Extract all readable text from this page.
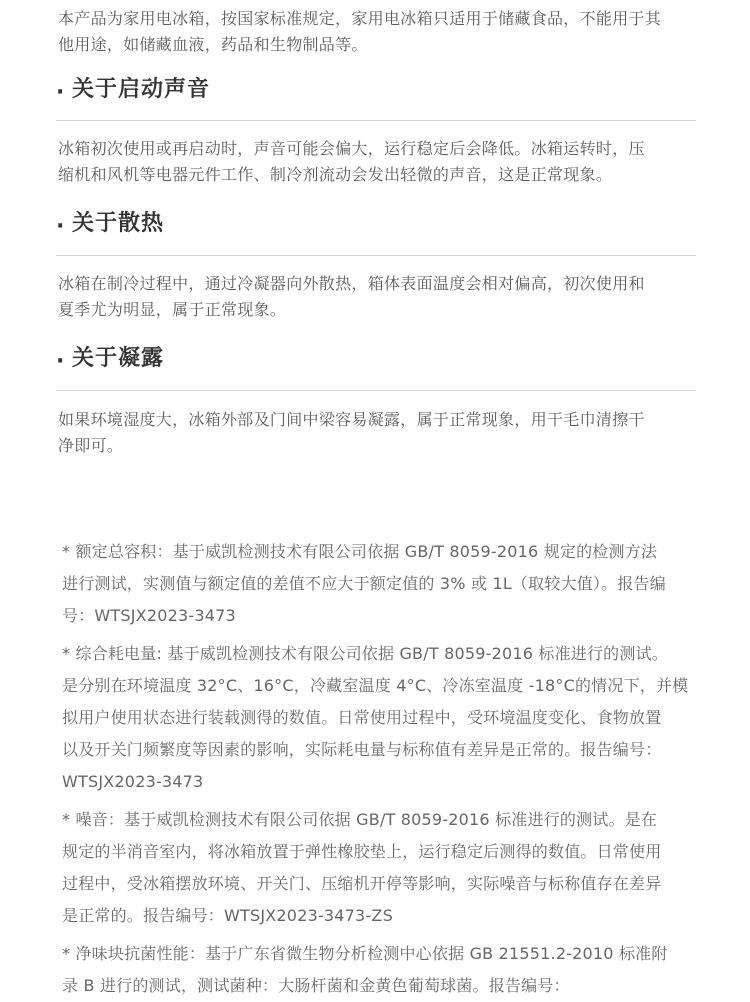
本产品为家用电冰箱，按国家标准规定，家用电冰箱只适用于储藏食品，不能用于其
他用途，如储藏血液，药品和生物制品等。
· 关于启动声音
冰箱初次使用或再启动时，声音可能会偏大，运行稳定后会降低。冰箱运转时，压
缩机和风机等电器元件工作、制冷剂流动会发出轻微的声音，这是正常现象。
· 关于散热
冰箱在制冷过程中，通过冷凝器向外散热，箱体表面温度会相对偏高，初次使用和
夏季尤为明显，属于正常现象。
· 关于凝露
如果环境湿度大，冰箱外部及门间中梁容易凝露，属于正常现象，用干毛巾清擦干
净即可。
* 额定总容积：基于威凯检测技术有限公司依据 GB/T 8059-2016 规定的检测方法
进行测试，实测值与额定值的差值不应大于额定值的 3% 或 1L（取较大值）。报告编
号：WTSJX2023-3473
* 综合耗电量: 基于威凯检测技术有限公司依据 GB/T 8059-2016 标准进行的测试。
是分别在环境温度 32°C、16°C，冷藏室温度 4°C、冷冻室温度 -18°C的情况下，并模
拟用户使用状态进行装载测得的数值。日常使用过程中，受环境温度变化、食物放置
以及开关门频繁度等因素的影响，实际耗电量与标称值有差异是正常的。报告编号：
WTSJX2023-3473
* 噪音：基于威凯检测技术有限公司依据 GB/T 8059-2016 标准进行的测试。是在
规定的半消音室内，将冰箱放置于弹性橡胶垫上，运行稳定后测得的数值。日常使用
过程中，受冰箱摆放环境、开关门、压缩机开停等影响，实际噪音与标称值存在差异
是正常的。报告编号：WTSJX2023-3473-ZS
* 净味块抗菌性能：基于广东省微生物分析检测中心依据 GB 21551.2-2010 标准附
录 B 进行的测试，测试菌种：大肠杆菌和金黄色葡萄球菌。报告编号：
